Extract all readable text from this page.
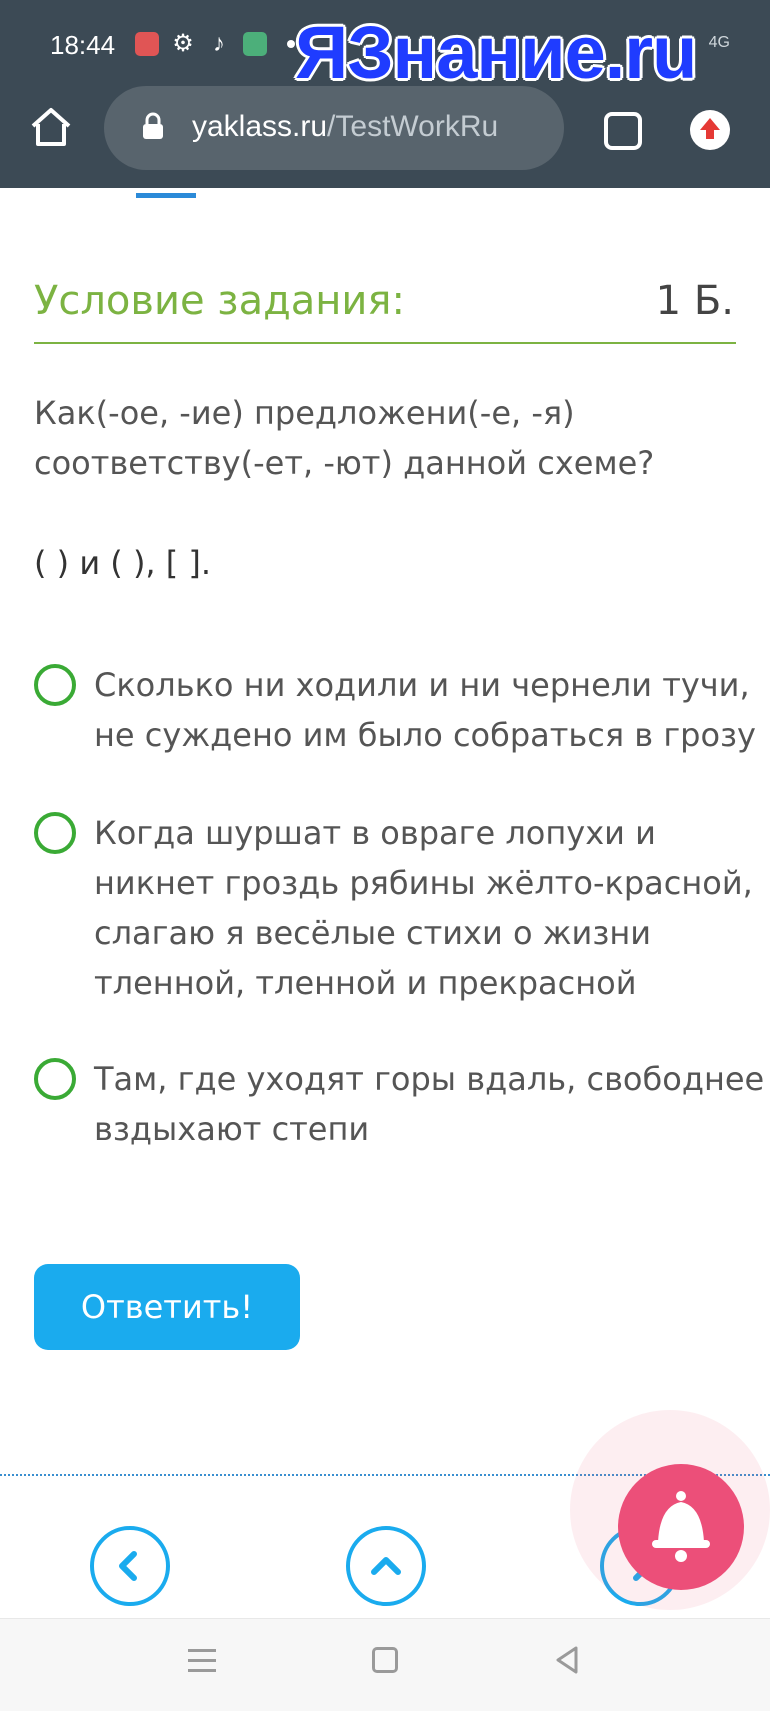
18:44 ⚙ ♪	4G
yaklass.ru/TestWorkRu
ЯЗнание.ru
Условие задания:	1 Б.
Как(-ое, -ие) предложени(-е, -я) соответству(-ет, -ют) данной схеме?
( ) и ( ), [ ].
Сколько ни ходили и ни чернели тучи, не суждено им было собраться в грозу
Когда шуршат в овраге лопухи и никнет гроздь рябины жёлто-красной, слагаю я весёлые стихи о жизни тленной, тленной и прекрасной
Там, где уходят горы вдаль, свободнее вздыхают степи
Ответить!
